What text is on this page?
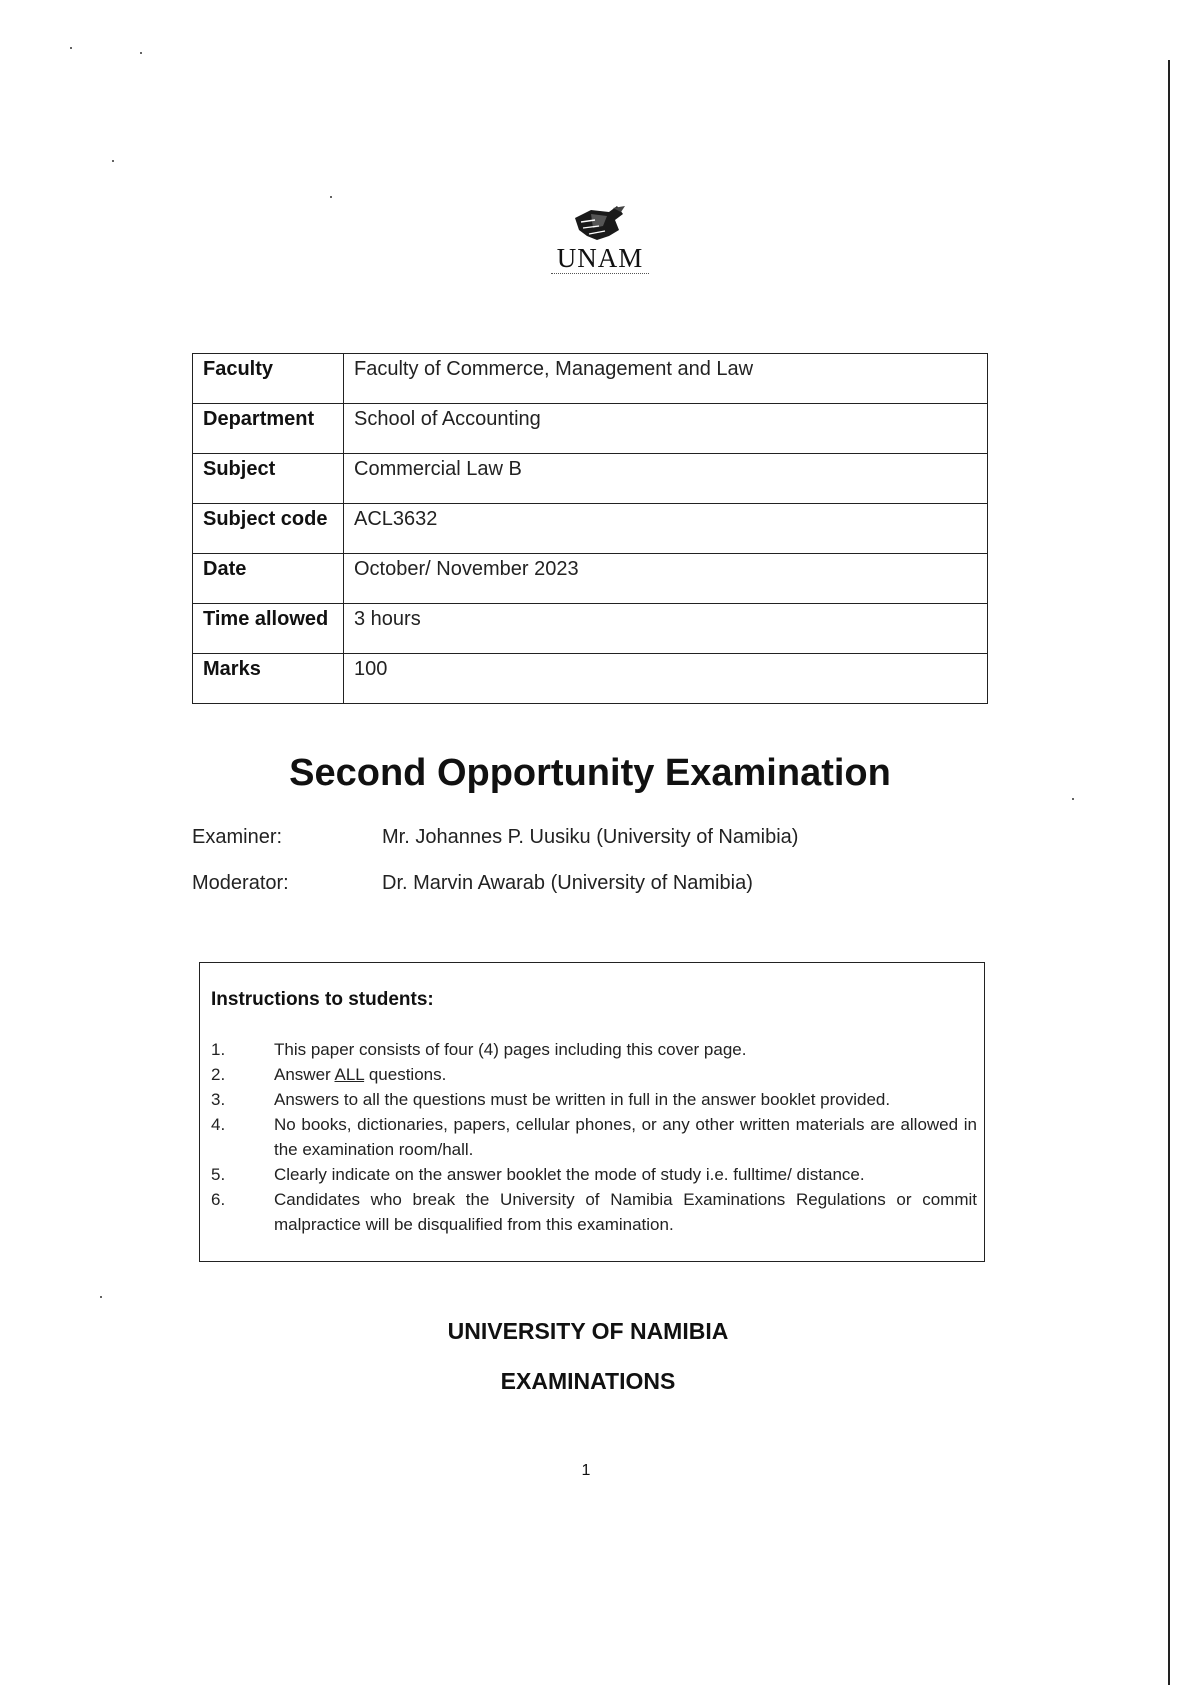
UNAM
Faculty	Faculty of Commerce, Management and Law
Department	School of Accounting
Subject	Commercial Law B
Subject code	ACL3632
Date	October/ November 2023
Time allowed	3 hours
Marks	100
Second Opportunity Examination
Examiner:	Mr. Johannes P. Uusiku (University of Namibia)
Moderator:	Dr. Marvin Awarab (University of Namibia)
Instructions to students:
1.	This paper consists of four (4) pages including this cover page.
2.	Answer ALL questions.
3.	Answers to all the questions must be written in full in the answer booklet provided.
4.	No books, dictionaries, papers, cellular phones, or any other written materials are allowed in the examination room/hall.
5.	Clearly indicate on the answer booklet the mode of study i.e. fulltime/ distance.
6.	Candidates who break the University of Namibia Examinations Regulations or commit malpractice will be disqualified from this examination.
UNIVERSITY OF NAMIBIA
EXAMINATIONS
1
